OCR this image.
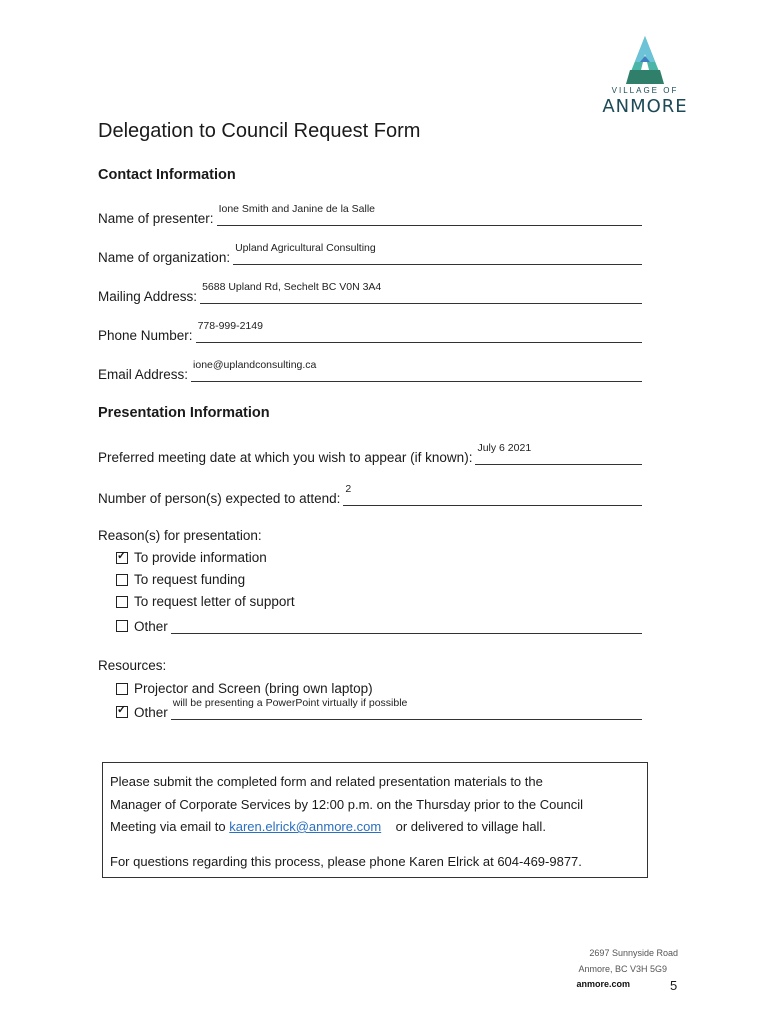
VILLAGE OF
ANMORE
Delegation to Council Request Form
Contact Information
Name of presenter:
Ione Smith and Janine de la Salle
Name of organization:
Upland Agricultural Consulting
Mailing Address:
5688 Upland Rd, Sechelt BC V0N 3A4
Phone Number:
778-999-2149
Email Address:
ione@uplandconsulting.ca
Presentation Information
Preferred meeting date at which you wish to appear (if known):
July 6 2021
Number of person(s) expected to attend:
2
Reason(s) for presentation:
✓
To provide information
To request funding
To request letter of support
Other
Resources:
Projector and Screen (bring own laptop)
✓
Other
will be presenting a PowerPoint virtually if possible
Please submit the completed form and related presentation materials to the
Manager of Corporate Services by 12:00 p.m. on the Thursday prior to the Council
Meeting via email to karen.elrick@anmore.com or delivered to village hall.
For questions regarding this process, please phone Karen Elrick at 604-469-9877.
2697 Sunnyside Road
Anmore, BC V3H 5G9
anmore.com	5
